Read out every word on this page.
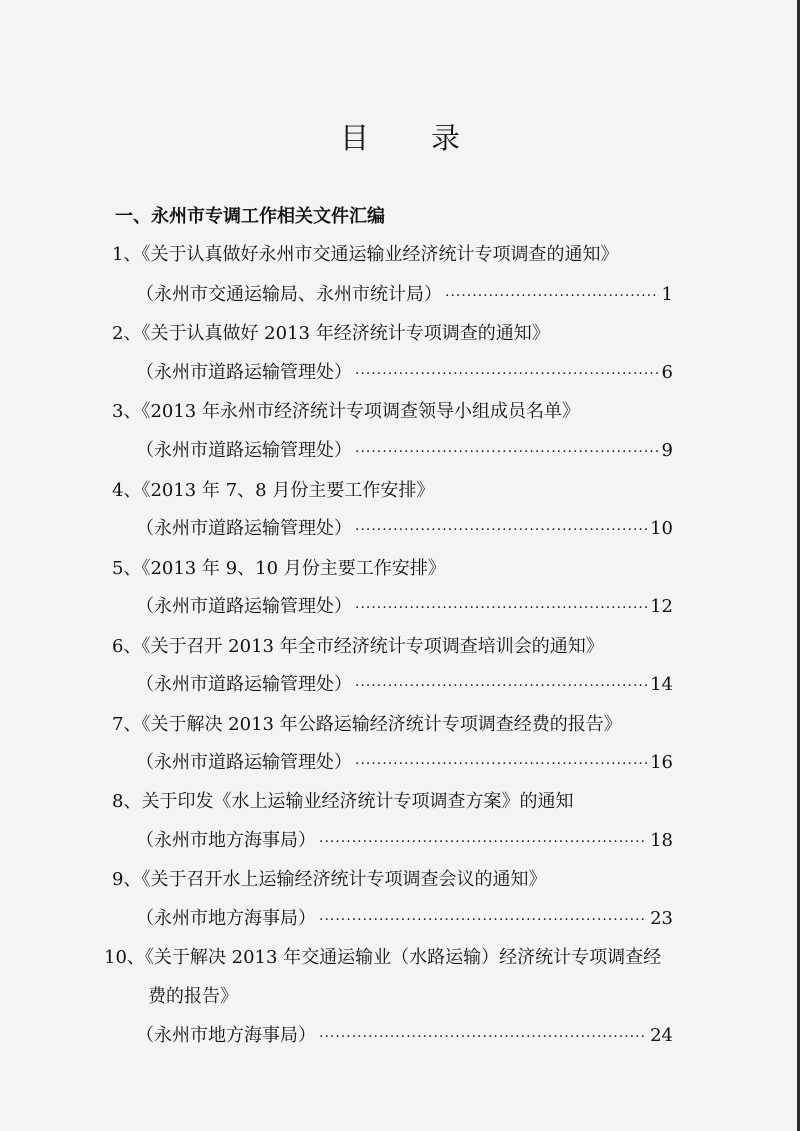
目 录
一、永州市专调工作相关文件汇编
1、《关于认真做好永州市交通运输业经济统计专项调查的通知》
（永州市交通运输局、永州市统计局） ·····	1
2、《关于认真做好 2013 年经济统计专项调查的通知》
（永州市道路运输管理处） ·····	6
3、《2013 年永州市经济统计专项调查领导小组成员名单》
（永州市道路运输管理处） ·····	9
4、《2013 年 7、8 月份主要工作安排》
（永州市道路运输管理处） ·····	10
5、《2013 年 9、10 月份主要工作安排》
（永州市道路运输管理处） ·····	12
6、《关于召开 2013 年全市经济统计专项调查培训会的通知》
（永州市道路运输管理处） ·····	14
7、《关于解决 2013 年公路运输经济统计专项调查经费的报告》
（永州市道路运输管理处） ·····	16
8、关于印发《水上运输业经济统计专项调查方案》的通知
（永州市地方海事局） ·····	18
9、《关于召开水上运输经济统计专项调查会议的通知》
（永州市地方海事局） ·····	23
10、《关于解决 2013 年交通运输业（水路运输）经济统计专项调查经
费的报告》
（永州市地方海事局） ·····	24
